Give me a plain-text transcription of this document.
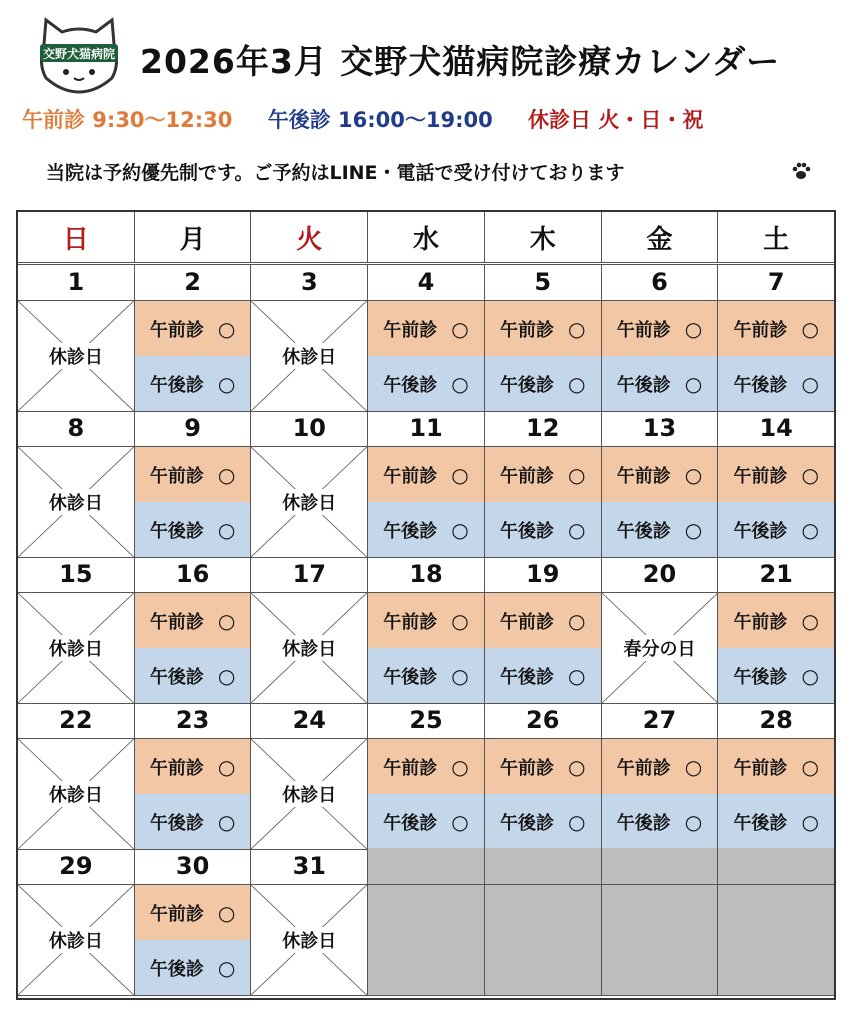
交野犬猫病院 2026年3月 交野犬猫病院診療カレンダー
午前診 9:30〜12:30 午後診 16:00〜19:00 休診日 火・日・祝
当院は予約優先制です。ご予約はLINE・電話で受け付けております
日	月	火	水	木	金	土
1	2	3	4	5	6	7
休診日
午前診 ○
午後診 ○
休診日
午前診 ○
午後診 ○
午前診 ○
午後診 ○
午前診 ○
午後診 ○
午前診 ○
午後診 ○
8	9	10	11	12	13	14
休診日
午前診 ○
午後診 ○
休診日
午前診 ○
午後診 ○
午前診 ○
午後診 ○
午前診 ○
午後診 ○
午前診 ○
午後診 ○
15	16	17	18	19	20	21
休診日
午前診 ○
午後診 ○
休診日
午前診 ○
午後診 ○
午前診 ○
午後診 ○
春分の日
午前診 ○
午後診 ○
22	23	24	25	26	27	28
休診日
午前診 ○
午後診 ○
休診日
午前診 ○
午後診 ○
午前診 ○
午後診 ○
午前診 ○
午後診 ○
午前診 ○
午後診 ○
29	30	31
休診日
午前診 ○
午後診 ○
休診日
